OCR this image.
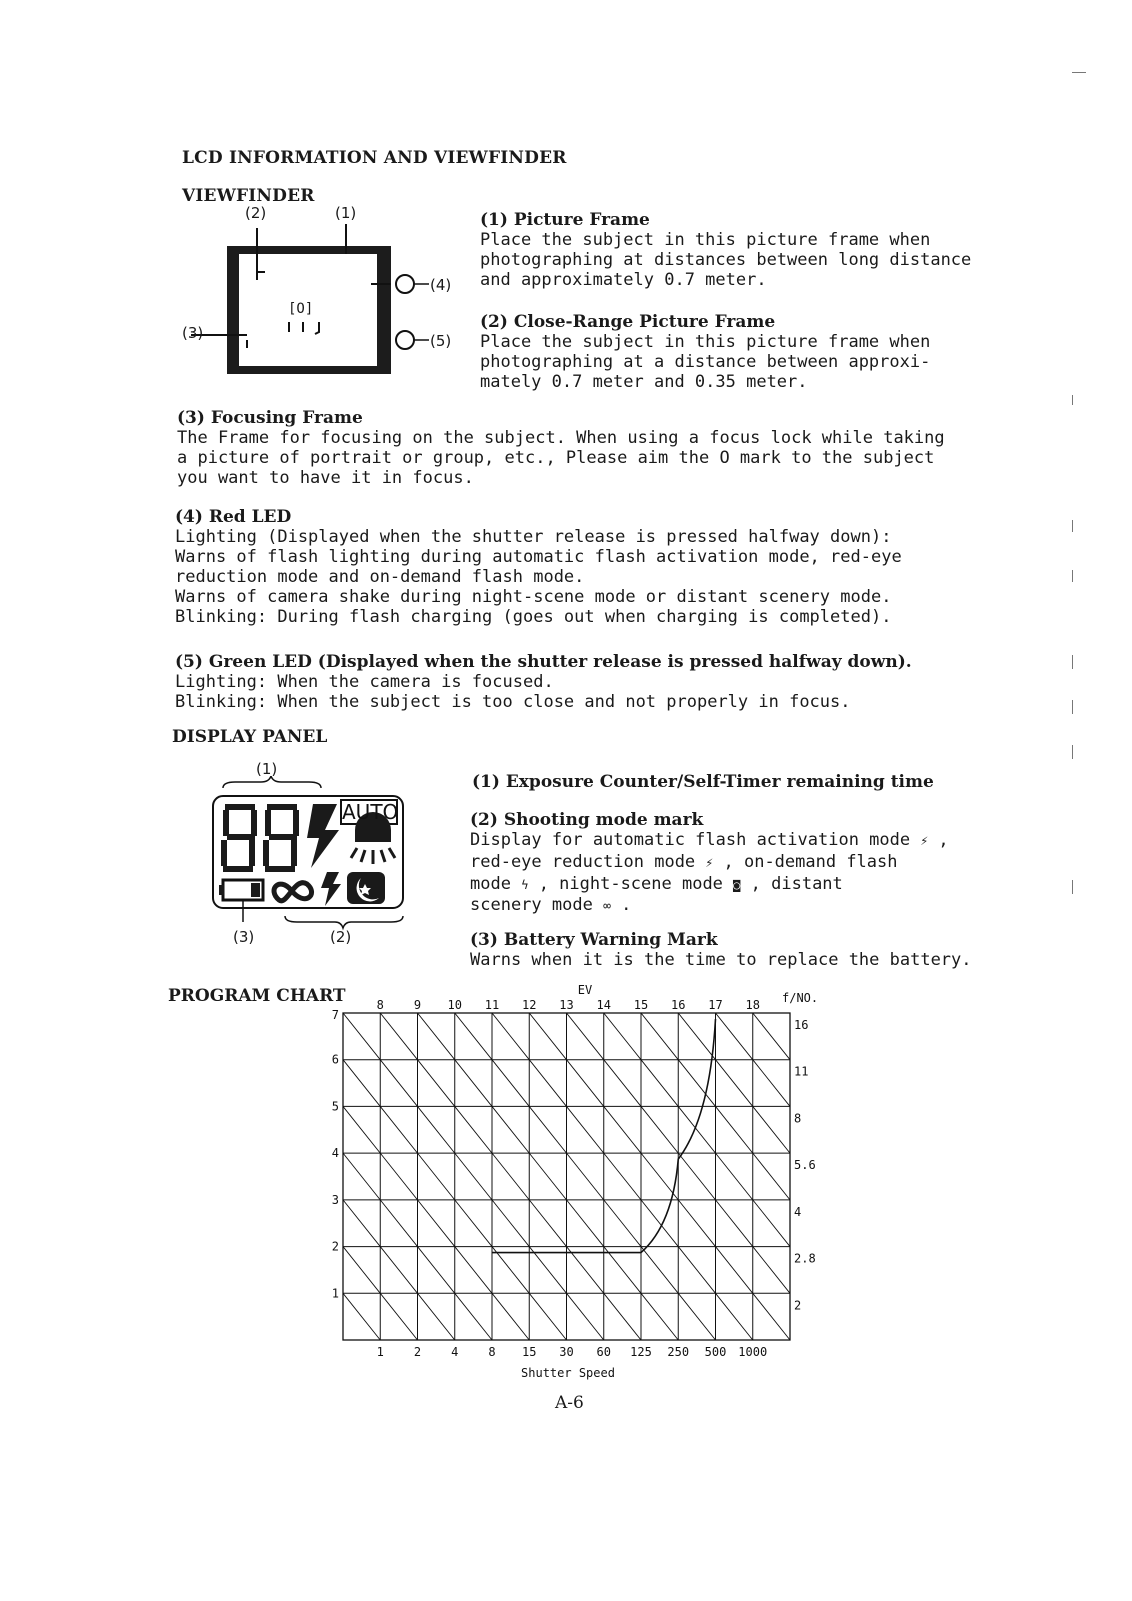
LCD INFORMATION AND VIEWFINDER
VIEWFINDER
(2)	(1)
(3)
(4)
(5)
[O]
(1) Picture Frame
Place the subject in this picture frame when
photographing at distances between long distance
and approximately 0.7 meter.
(2) Close-Range Picture Frame
Place the subject in this picture frame when
photographing at a distance between approxi-
mately 0.7 meter and 0.35 meter.
(3) Focusing Frame
The Frame for focusing on the subject. When using a focus lock while taking
a picture of portrait or group, etc., Please aim the O mark to the subject
you want to have it in focus.
(4) Red LED
Lighting (Displayed when the shutter release is pressed halfway down):
Warns of flash lighting during automatic flash activation mode, red-eye
reduction mode and on-demand flash mode.
Warns of camera shake during night-scene mode or distant scenery mode.
Blinking: During flash charging (goes out when charging is completed).
(5) Green LED (Displayed when the shutter release is pressed halfway down).
Lighting: When the camera is focused.
Blinking: When the subject is too close and not properly in focus.
DISPLAY PANEL
(1)
AUTO
(3)	(2)
(1) Exposure Counter/Self-Timer remaining time
(2) Shooting mode mark
Display for automatic flash activation mode ⚡ ,
red-eye reduction mode ⚡ , on-demand flash
mode ϟ , night-scene mode ◙ , distant
scenery mode ∞ .
(3) Battery Warning Mark
Warns when it is the time to replace the battery.
PROGRAM CHART
1	2	4	8 15 30 60 125 250 500 1000
8	9 10 11 12 13 14 15 16 17 18
1
2
3
4
5
6
7
2
2.8
4
5.6
8
11
16
EV
f/NO.
Shutter Speed
A-6
